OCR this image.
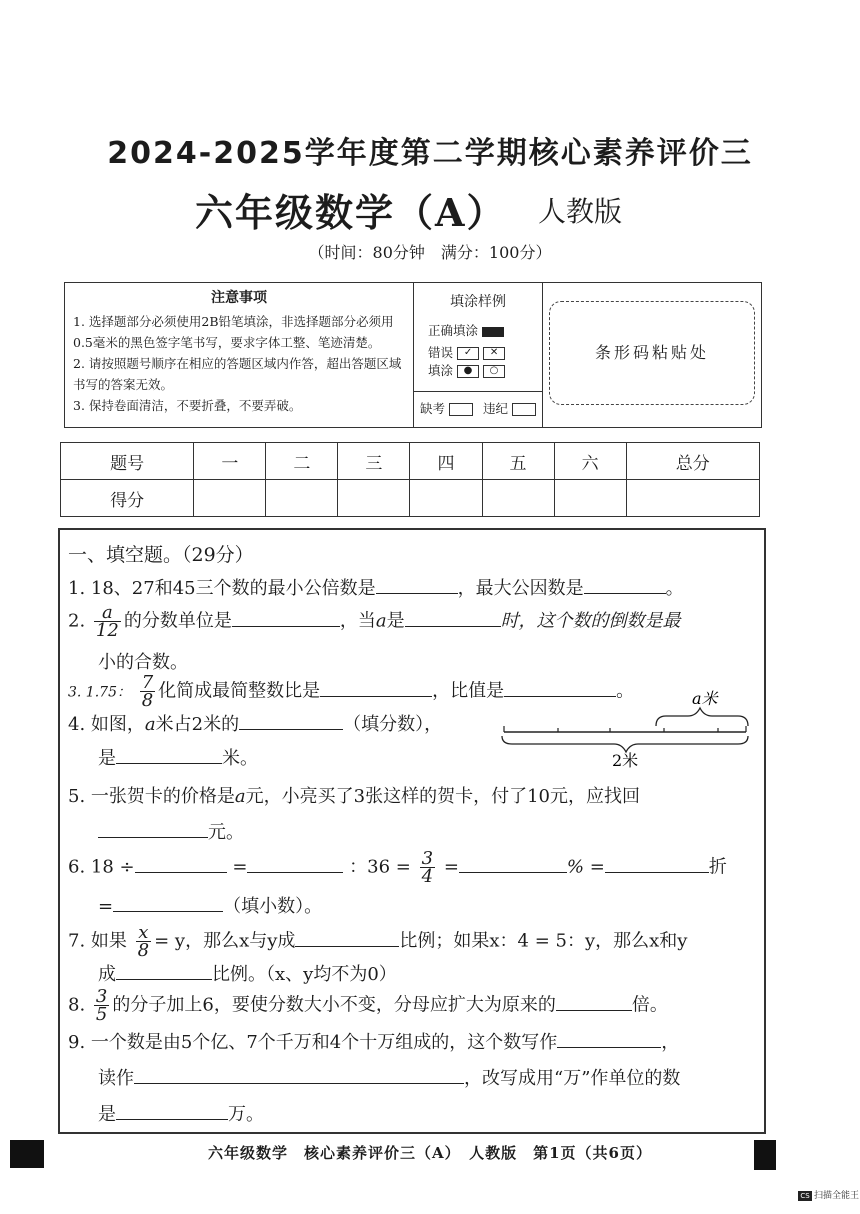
2024-2025学年度第二学期核心素养评价三
六年级数学（A） 人教版
（时间：80分钟　满分：100分）
注意事项

1. 选择题部分必须使用2B铅笔填涂，非选择题部分必须用0.5毫米的黑色签字笔书写，要求字体工整、笔迹清楚。

2. 请按照题号顺序在相应的答题区域内作答，超出答题区域书写的答案无效。

3. 保持卷面清洁，不要折叠，不要弄破。

填涂样例
正确填涂
错误 ✓ ✕
填涂 ● ○
缺考	违纪
条形码粘贴处
题号	一	二	三	四	五	六	总分
得分							
一、填空题。（29分）
1. 18、27和45三个数的最小公倍数是	，最大公因数是	。
2. $\frac{a}{12}$ 的分数单位是	，当a是	时，这个数的倒数是最
小的合数。
3. 1.75： $\frac{7}{8}$ 化简成最简整数比是	，比值是	。
4. 如图，a米占2米的	（填分数），
是	米。
a米
2米
5. 一张贺卡的价格是a元，小亮买了3张这样的贺卡，付了10元，应找回
元。
6. 18 ÷	=	：$36 = \frac{3}{4}$ =	% =	折
=	（填小数）。
7. 如果 $\frac{x}{8} = y$，那么x与y成	比例；如果x：4 = 5：y，那么x和y
成	比例。（x、y均不为0）
8. $\frac{3}{5}$ 的分子加上6，要使分数大小不变，分母应扩大为原来的	倍。
9. 一个数是由5个亿、7个千万和4个十万组成的，这个数写作	，
读作	，改写成用“万”作单位的数
是	万。
六年级数学　核心素养评价三（A）　人教版　第1页（共6页）
CS 扫描全能王
